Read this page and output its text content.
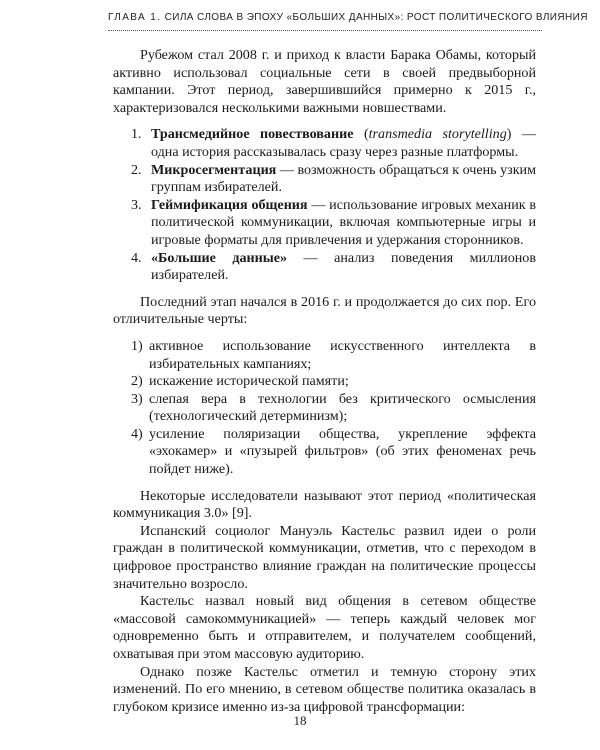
ГЛАВА 1. СИЛА СЛОВА В ЭПОХУ «БОЛЬШИХ ДАННЫХ»: РОСТ ПОЛИТИЧЕСКОГО ВЛИЯНИЯ

Рубежом стал 2008 г. и приход к власти Барака Обамы, который активно использовал социальные сети в своей предвыборной кампании. Этот период, завершившийся примерно к 2015 г., характеризовался несколькими важными новшествами.

1. Трансмедийное повествование (transmedia storytelling) — одна история рассказывалась сразу через разные платформы.
2. Микросегментация — возможность обращаться к очень узким группам избирателей.
3. Геймификация общения — использование игровых механик в политической коммуникации, включая компьютерные игры и игровые форматы для привлечения и удержания сторонников.
4. «Большие данные» — анализ поведения миллионов избирателей.

Последний этап начался в 2016 г. и продолжается до сих пор. Его отличительные черты:

1) активное использование искусственного интеллекта в избирательных кампаниях;
2) искажение исторической памяти;
3) слепая вера в технологии без критического осмысления (технологический детерминизм);
4) усиление поляризации общества, укрепление эффекта «эхокамер» и «пузырей фильтров» (об этих феноменах речь пойдет ниже).

Некоторые исследователи называют этот период «политическая коммуникация 3.0» [9].

Испанский социолог Мануэль Кастельс развил идеи о роли граждан в политической коммуникации, отметив, что с переходом в цифровое пространство влияние граждан на политические процессы значительно возросло.

Кастельс назвал новый вид общения в сетевом обществе «массовой самокоммуникацией» — теперь каждый человек мог одновременно быть и отправителем, и получателем сообщений, охватывая при этом массовую аудиторию.

Однако позже Кастельс отметил и темную сторону этих изменений. По его мнению, в сетевом обществе политика оказалась в глубоком кризисе именно из-за цифровой трансформации:

18
